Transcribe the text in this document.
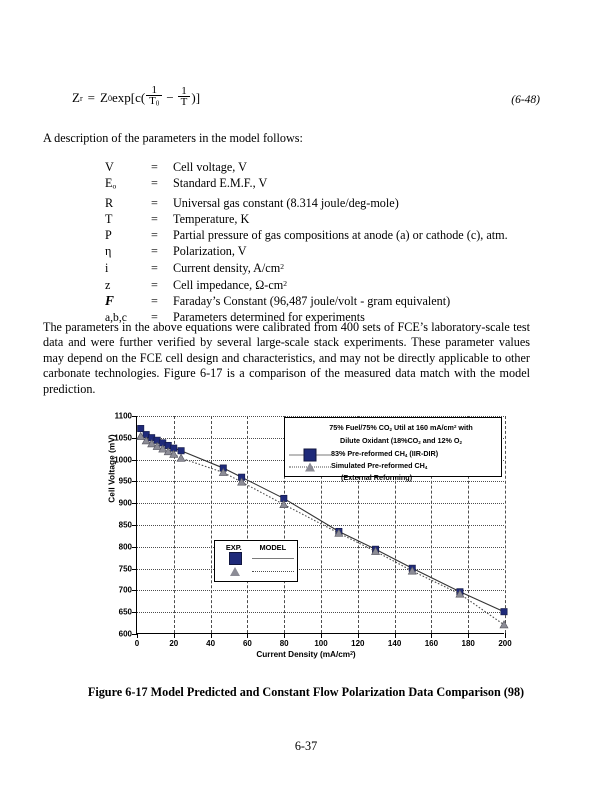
Z r = Z 0 $\exp[c( \frac{1}{T_0} - \frac{1}{T}$ )]	(6-48)
A description of the parameters in the model follows:
V	=	Cell voltage, V
$E_o$	=	Standard E.M.F., V
R	=	Universal gas constant (8.314 joule/deg-mole)
T	=	Temperature, K
P	=	Partial pressure of gas compositions at anode (a) or cathode (c), atm.
η	=	Polarization, V
i	=	Current density, $A/cm^2$
z	=	Cell impedance, $\Omega-cm^2$
F	=	Faraday’s Constant (96,487 joule/volt - gram equivalent)
a,b,c	=	Parameters determined for experiments
The parameters in the above equations were calibrated from 400 sets of FCE’s laboratory-scale test data and were further verified by several large-scale stack experiments. These parameter values may depend on the FCE cell design and characteristics, and may not be directly applicable to other carbonate technologies. Figure 6-17 is a comparison of the measured data match with the model prediction.
Cell Voltage (mV)
Current Density $(mA/cm^2)$
600
650
700
750
800
850
900
950
1000
1050
1100
0	20	40	60	80	100	120	140	160	180	200
75% Fuel/75% $CO_2$ Util at 160 $mA/cm^2$ with
Dilute Oxidant ($18\%CO_2$ and 12% $O_2$
83% Pre-reformed $CH_4$ (IIR-DIR)
Simulated Pre-reformed $CH_4$
(External Reforming)
EXP. MODEL
Figure 6-17 Model Predicted and Constant Flow Polarization Data Comparison (98)
6-37
